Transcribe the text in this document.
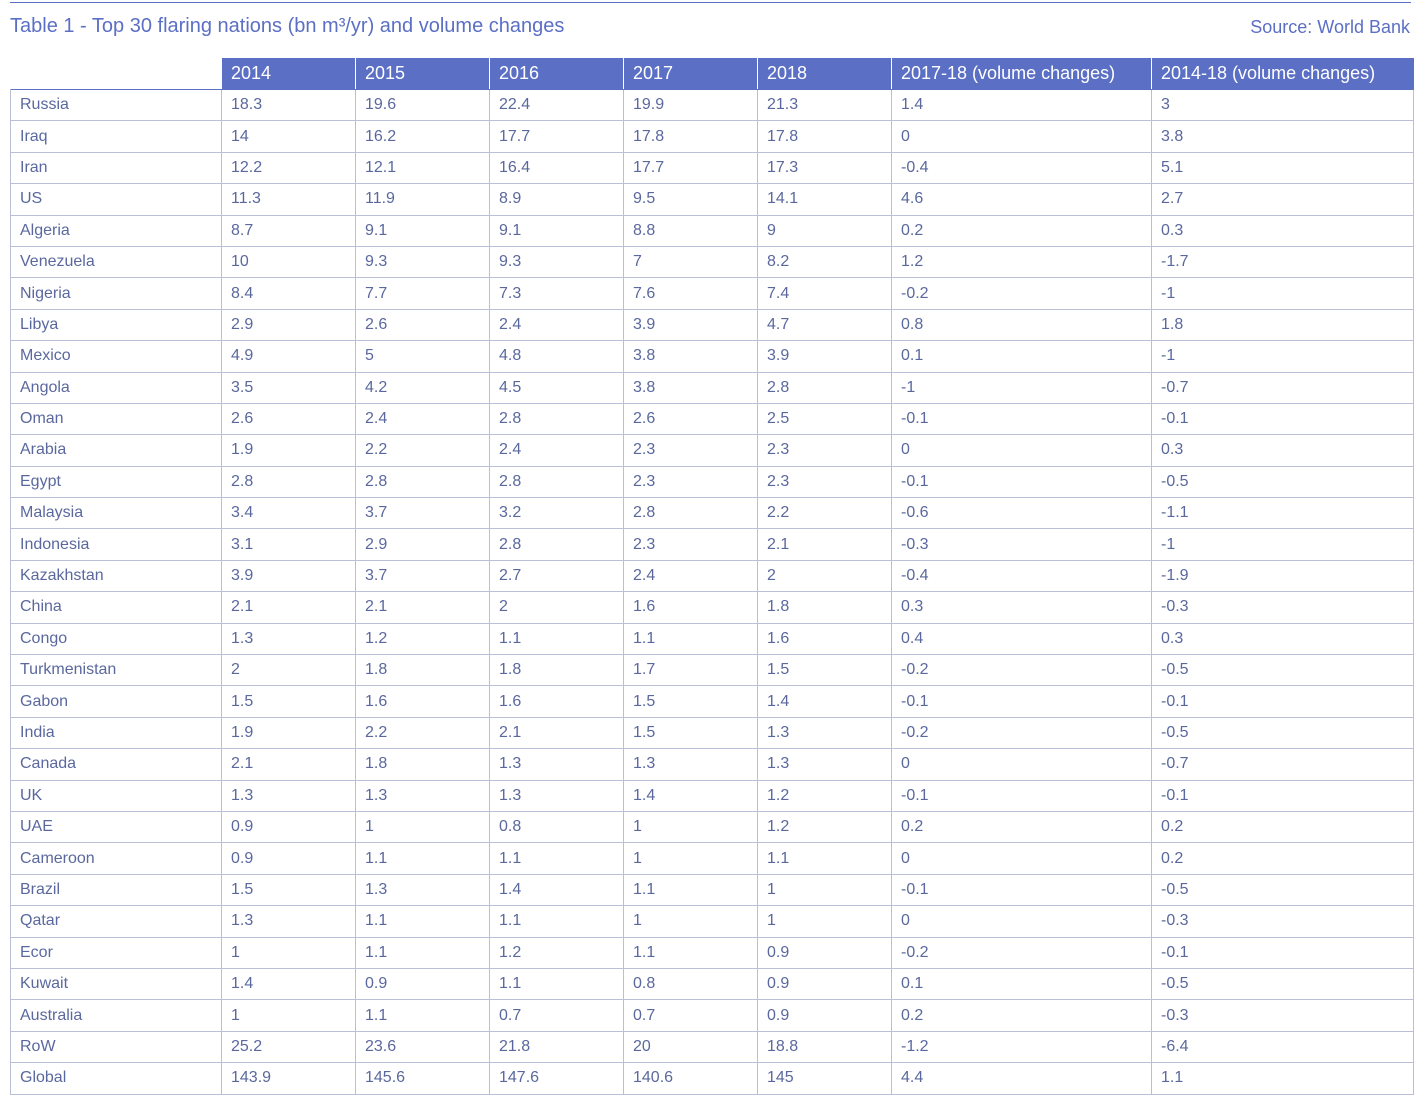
Table 1 - Top 30 flaring nations (bn m³/yr) and volume changes	Source: World Bank
	2014	2015	2016	2017	2018	2017-18 (volume changes)	2014-18 (volume changes)
Russia	18.3	19.6	22.4	19.9	21.3	1.4	3
Iraq	14	16.2	17.7	17.8	17.8	0	3.8
Iran	12.2	12.1	16.4	17.7	17.3	-0.4	5.1
US	11.3	11.9	8.9	9.5	14.1	4.6	2.7
Algeria	8.7	9.1	9.1	8.8	9	0.2	0.3
Venezuela	10	9.3	9.3	7	8.2	1.2	-1.7
Nigeria	8.4	7.7	7.3	7.6	7.4	-0.2	-1
Libya	2.9	2.6	2.4	3.9	4.7	0.8	1.8
Mexico	4.9	5	4.8	3.8	3.9	0.1	-1
Angola	3.5	4.2	4.5	3.8	2.8	-1	-0.7
Oman	2.6	2.4	2.8	2.6	2.5	-0.1	-0.1
Arabia	1.9	2.2	2.4	2.3	2.3	0	0.3
Egypt	2.8	2.8	2.8	2.3	2.3	-0.1	-0.5
Malaysia	3.4	3.7	3.2	2.8	2.2	-0.6	-1.1
Indonesia	3.1	2.9	2.8	2.3	2.1	-0.3	-1
Kazakhstan	3.9	3.7	2.7	2.4	2	-0.4	-1.9
China	2.1	2.1	2	1.6	1.8	0.3	-0.3
Congo	1.3	1.2	1.1	1.1	1.6	0.4	0.3
Turkmenistan	2	1.8	1.8	1.7	1.5	-0.2	-0.5
Gabon	1.5	1.6	1.6	1.5	1.4	-0.1	-0.1
India	1.9	2.2	2.1	1.5	1.3	-0.2	-0.5
Canada	2.1	1.8	1.3	1.3	1.3	0	-0.7
UK	1.3	1.3	1.3	1.4	1.2	-0.1	-0.1
UAE	0.9	1	0.8	1	1.2	0.2	0.2
Cameroon	0.9	1.1	1.1	1	1.1	0	0.2
Brazil	1.5	1.3	1.4	1.1	1	-0.1	-0.5
Qatar	1.3	1.1	1.1	1	1	0	-0.3
Ecor	1	1.1	1.2	1.1	0.9	-0.2	-0.1
Kuwait	1.4	0.9	1.1	0.8	0.9	0.1	-0.5
Australia	1	1.1	0.7	0.7	0.9	0.2	-0.3
RoW	25.2	23.6	21.8	20	18.8	-1.2	-6.4
Global	143.9	145.6	147.6	140.6	145	4.4	1.1
